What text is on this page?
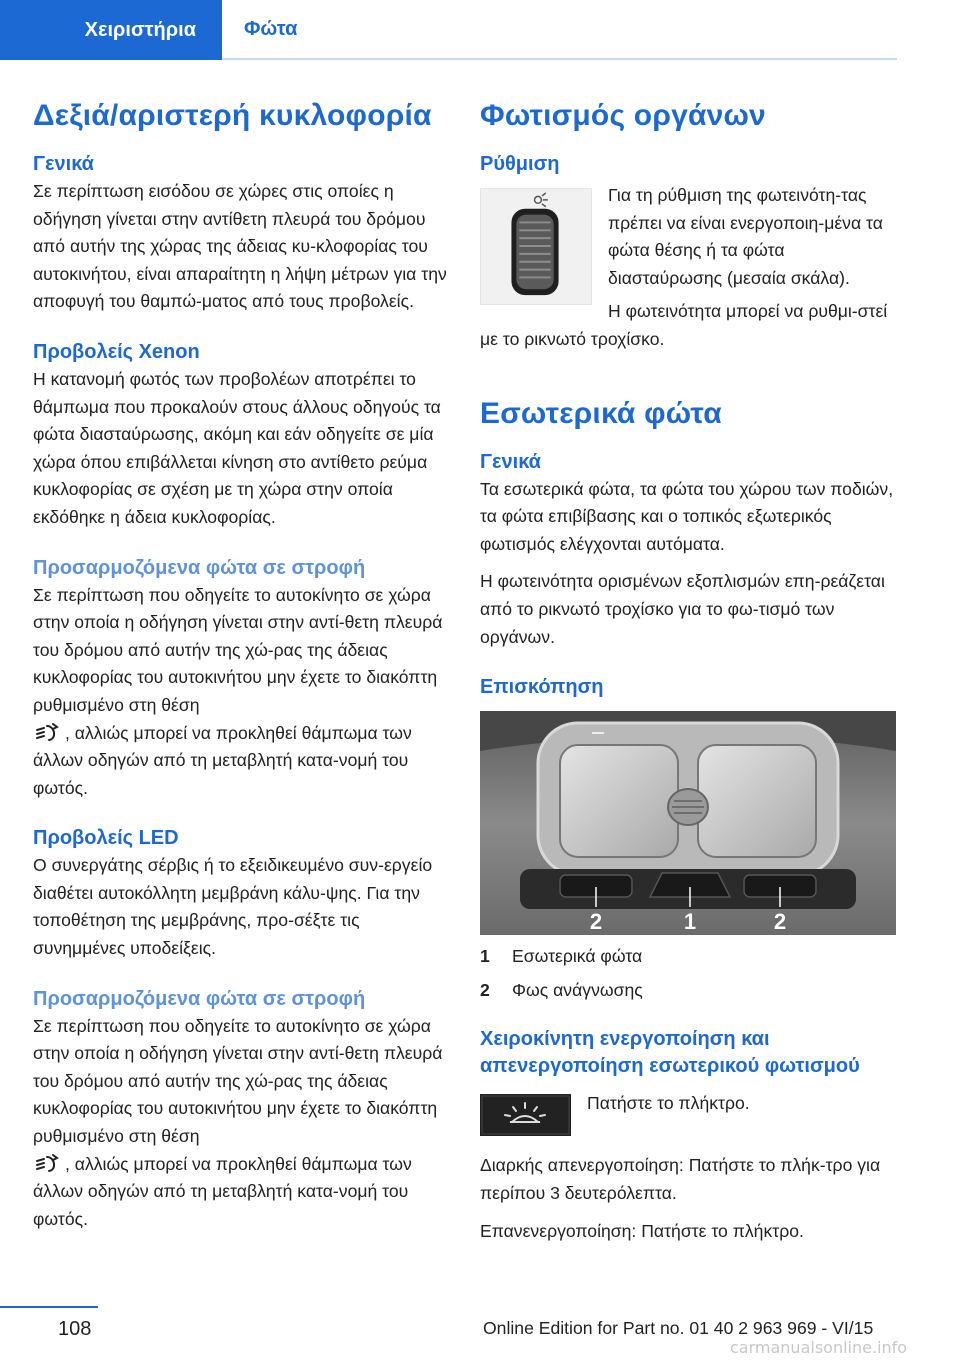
Χειριστήρια	Φώτα
Δεξιά/αριστερή κυκλοφορία
Γενικά

Σε περίπτωση εισόδου σε χώρες στις οποίες η οδήγηση γίνεται στην αντίθετη πλευρά του δρόμου από αυτήν της χώρας της άδειας κυ-κλοφορίας του αυτοκινήτου, είναι απαραίτητη η λήψη μέτρων για την αποφυγή του θαμπώ-ματος από τους προβολείς.

Προβολείς Xenon

Η κατανομή φωτός των προβολέων αποτρέπει το θάμπωμα που προκαλούν στους άλλους οδηγούς τα φώτα διασταύρωσης, ακόμη και εάν οδηγείτε σε μία χώρα όπου επιβάλλεται κίνηση στο αντίθετο ρεύμα κυκλοφορίας σε σχέση με τη χώρα στην οποία εκδόθηκε η άδεια κυκλοφορίας.

Προσαρμοζόμενα φώτα σε στροφή

Σε περίπτωση που οδηγείτε το αυτοκίνητο σε χώρα στην οποία η οδήγηση γίνεται στην αντί-θετη πλευρά του δρόμου από αυτήν της χώ-ρας της άδειας κυκλοφορίας του αυτοκινήτου μην έχετε το διακόπτη ρυθμισμένο στη θέση
, αλλιώς μπορεί να προκληθεί θάμπωμα των άλλων οδηγών από τη μεταβλητή κατα-νομή του φωτός.

Προβολείς LED

Ο συνεργάτης σέρβις ή το εξειδικευμένο συν-εργείο διαθέτει αυτοκόλλητη μεμβράνη κάλυ-ψης. Για την τοποθέτηση της μεμβράνης, προ-σέξτε τις συνημμένες υποδείξεις.

Προσαρμοζόμενα φώτα σε στροφή

Σε περίπτωση που οδηγείτε το αυτοκίνητο σε χώρα στην οποία η οδήγηση γίνεται στην αντί-θετη πλευρά του δρόμου από αυτήν της χώ-ρας της άδειας κυκλοφορίας του αυτοκινήτου μην έχετε το διακόπτη ρυθμισμένο στη θέση
, αλλιώς μπορεί να προκληθεί θάμπωμα των άλλων οδηγών από τη μεταβλητή κατα-νομή του φωτός.

Φωτισμός οργάνων
Ρύθμιση

Για τη ρύθμιση της φωτεινότη-τας πρέπει να είναι ενεργοποιη-μένα τα φώτα θέσης ή τα φώτα διασταύρωσης (μεσαία σκάλα).

Η φωτεινότητα μπορεί να ρυθμι-στεί με το ρικνωτό τροχίσκο.

Εσωτερικά φώτα
Γενικά

Τα εσωτερικά φώτα, τα φώτα του χώρου των ποδιών, τα φώτα επιβίβασης και ο τοπικός εξωτερικός φωτισμός ελέγχονται αυτόματα.

Η φωτεινότητα ορισμένων εξοπλισμών επη-ρεάζεται από το ρικνωτό τροχίσκο για το φω-τισμό των οργάνων.

Επισκόπηση
2	1	2
1	Εσωτερικά φώτα
2	Φως ανάγνωσης
Χειροκίνητη ενεργοποίηση και απενεργοποίηση εσωτερικού φωτισμού

Πατήστε το πλήκτρο.

Διαρκής απενεργοποίηση: Πατήστε το πλήκ-τρο για περίπου 3 δευτερόλεπτα.

Επανενεργοποίηση: Πατήστε το πλήκτρο.

108	Online Edition for Part no. 01 40 2 963 969 - VI/15
carmanualsonline.info
